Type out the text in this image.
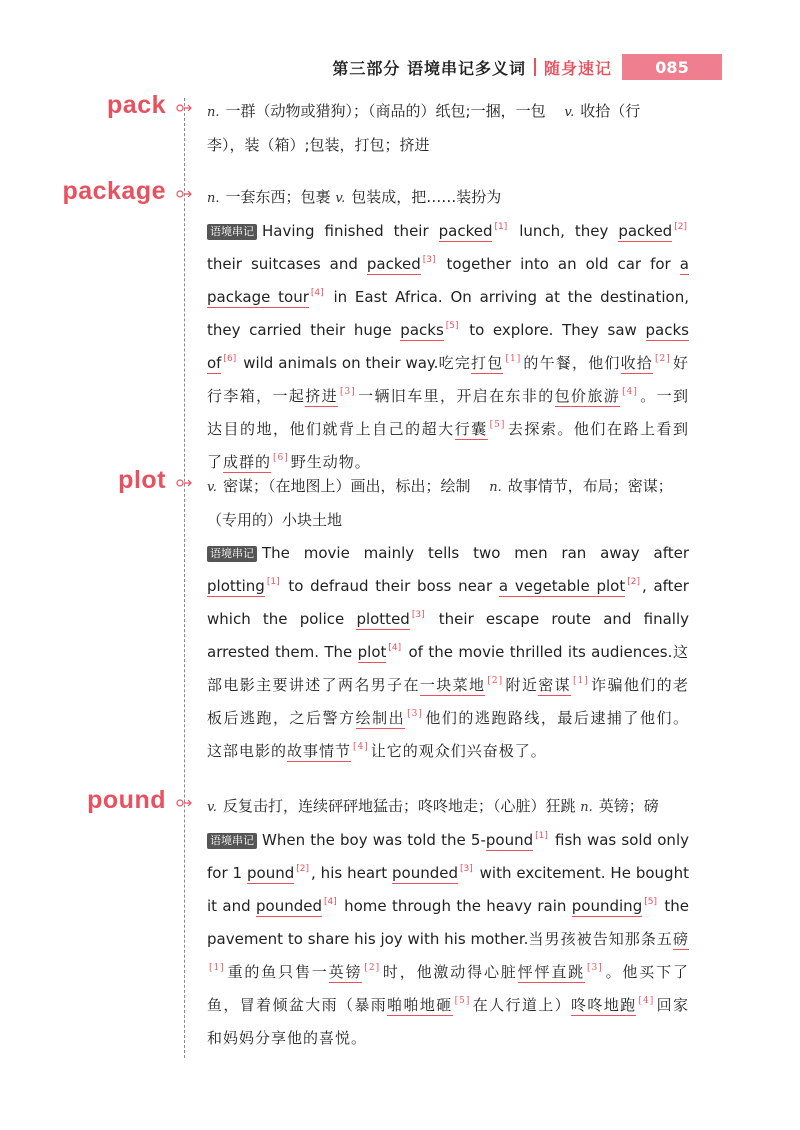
第三部分 语境串记多义词 随身速记	085
pack	n. 一群（动物或猎狗）；（商品的）纸包;一捆，一包 v. 收拾（行
李），装（箱）;包装，打包；挤进

package	n. 一套东西；包裹 v. 包装成，把……装扮为

语境串记 Having finished their packed [1] lunch, they packed [2] their suitcases and packed [3] together into an old car for a package tour [4] in East Africa. On arriving at the destination, they carried their huge packs [5] to explore. They saw packs of [6] wild animals on their way.吃完打包 [1] 的午餐，他们收拾 [2] 好行李箱，一起挤进 [3] 一辆旧车里，开启在东非的包价旅游 [4] 。一到达目的地，他们就背上自己的超大行囊 [5] 去探索。他们在路上看到了成群的 [6] 野生动物。

plot	v. 密谋；（在地图上）画出，标出；绘制 n. 故事情节，布局；密谋；
（专用的）小块土地

语境串记 The movie mainly tells two men ran away after plotting [1] to defraud their boss near a vegetable plot [2] , after which the police plotted [3] their escape route and finally arrested them. The plot [4] of the movie thrilled its audiences.这部电影主要讲述了两名男子在一块菜地 [2] 附近密谋 [1] 诈骗他们的老板后逃跑，之后警方绘制出 [3] 他们的逃跑路线，最后逮捕了他们。这部电影的故事情节 [4] 让它的观众们兴奋极了。

pound	v. 反复击打，连续砰砰地猛击；咚咚地走；（心脏）狂跳 n. 英镑；磅

语境串记 When the boy was told the 5-pound [1] fish was sold only for 1 pound [2] , his heart pounded [3] with excitement. He bought it and pounded [4] home through the heavy rain pounding [5] the pavement to share his joy with his mother.当男孩被告知那条五磅[1] 重的鱼只售一英镑 [2] 时，他激动得心脏怦怦直跳 [3] 。他买下了鱼，冒着倾盆大雨（暴雨啪啪地砸 [5] 在人行道上）咚咚地跑 [4] 回家和妈妈分享他的喜悦。
